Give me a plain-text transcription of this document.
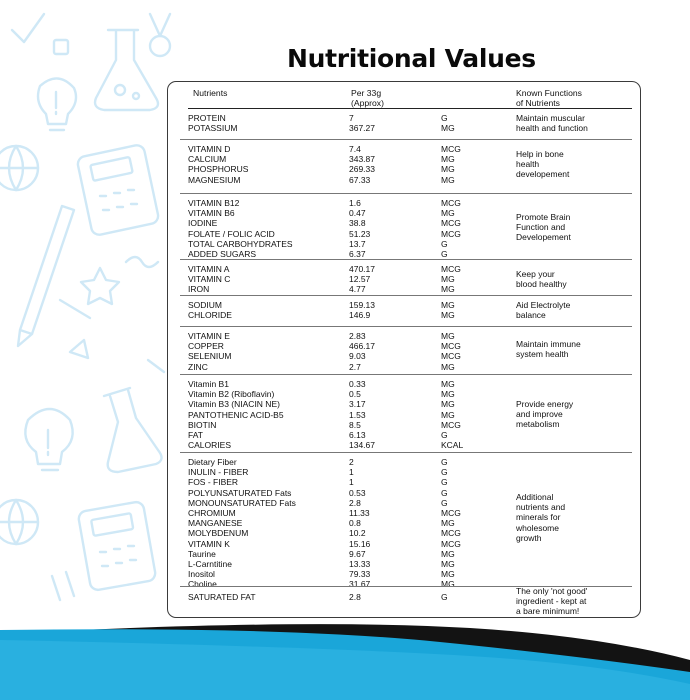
Nutritional Values
Nutrients	Per 33g
(Approx)
Known Functions
of Nutrients
PROTEIN	7	G
POTASSIUM	367.27	MG
Maintain muscular
health and function
VITAMIN D	7.4	MCG
CALCIUM	343.87	MG
PHOSPHORUS	269.33	MG
MAGNESIUM	67.33	MG
Help in bone
health
developement
VITAMIN B12	1.6	MCG
VITAMIN B6	0.47	MG
IODINE	38.8	MCG
FOLATE / FOLIC ACID	51.23	MCG
TOTAL CARBOHYDRATES	13.7	G
ADDED SUGARS	6.37	G
Promote Brain
Function and
Developement
VITAMIN A	470.17	MCG
VITAMIN C	12.57	MG
IRON	4.77	MG
Keep your
blood healthy
SODIUM	159.13	MG
CHLORIDE	146.9	MG
Aid Electrolyte
balance
VITAMIN E	2.83	MG
COPPER	466.17	MCG
SELENIUM	9.03	MCG
ZINC	2.7	MG
Maintain immune
system health
Vitamin B1	0.33	MG
Vitamin B2 (Riboflavin)	0.5	MG
Vitamin B3 (NIACIN NE)	3.17	MG
PANTOTHENIC ACID-B5	1.53	MG
BIOTIN	8.5	MCG
FAT	6.13	G
CALORIES	134.67	KCAL
Provide energy
and improve
metabolism
Dietary Fiber	2	G
INULIN - FIBER	1	G
FOS - FIBER	1	G
POLYUNSATURATED Fats	0.53	G
MONOUNSATURATED Fats	2.8	G
CHROMIUM	11.33	MCG
MANGANESE	0.8	MG
MOLYBDENUM	10.2	MCG
VITAMIN K	15.16	MCG
Taurine	9.67	MG
L-Carntitine	13.33	MG
Inositol	79.33	MG
Choline	31.67	MG
Additional
nutrients and
minerals for
wholesome
growth
SATURATED FAT	2.8	G
The only 'not good'
ingredient - kept at
a bare minimum!
